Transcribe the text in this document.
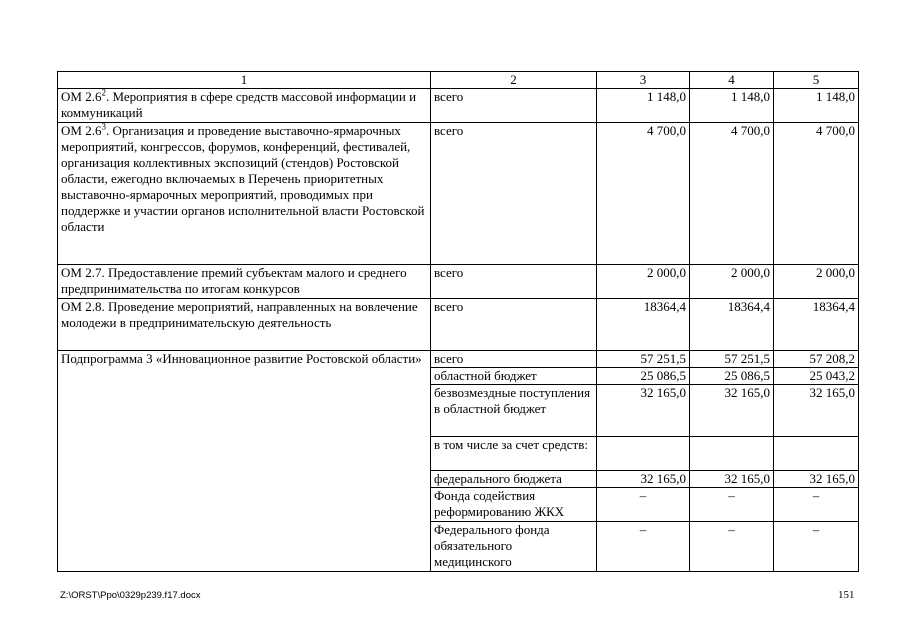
1	2	3	4	5
ОМ $2.6^2$. Мероприятия в сфере средств массовой информации и коммуникаций	всего	1 148,0	1 148,0	1 148,0
ОМ $2.6^3$. Организация и проведение выставочно-ярмарочных мероприятий, конгрессов, форумов, конференций, фестивалей, организация коллективных экспозиций (стендов) Ростовской области, ежегодно включаемых в Перечень приоритетных выставочно-ярмарочных мероприятий, проводимых при поддержке и участии органов исполнительной власти Ростовской области	всего	4 700,0	4 700,0	4 700,0
ОМ 2.7. Предоставление премий субъектам малого и среднего предпринимательства по итогам конкурсов	всего	2 000,0	2 000,0	2 000,0
ОМ 2.8. Проведение мероприятий, направленных на вовлечение молодежи в предпринимательскую деятельность	всего	18364,4	18364,4	18364,4
Подпрограмма 3 «Инновационное развитие Ростовской области»	всего	57 251,5	57 251,5	57 208,2
	областной бюджет	25 086,5	25 086,5	25 043,2
	безвозмездные поступления в областной бюджет	32 165,0	32 165,0	32 165,0
	в том числе за счет средств:			
	федерального бюджета	32 165,0	32 165,0	32 165,0
	Фонда содействия реформированию ЖКХ	–	–	–
	Федерального фонда обязательного медицинского	–	–	–
Z:\ORST\Ppo\0329p239.f17.docx	151
